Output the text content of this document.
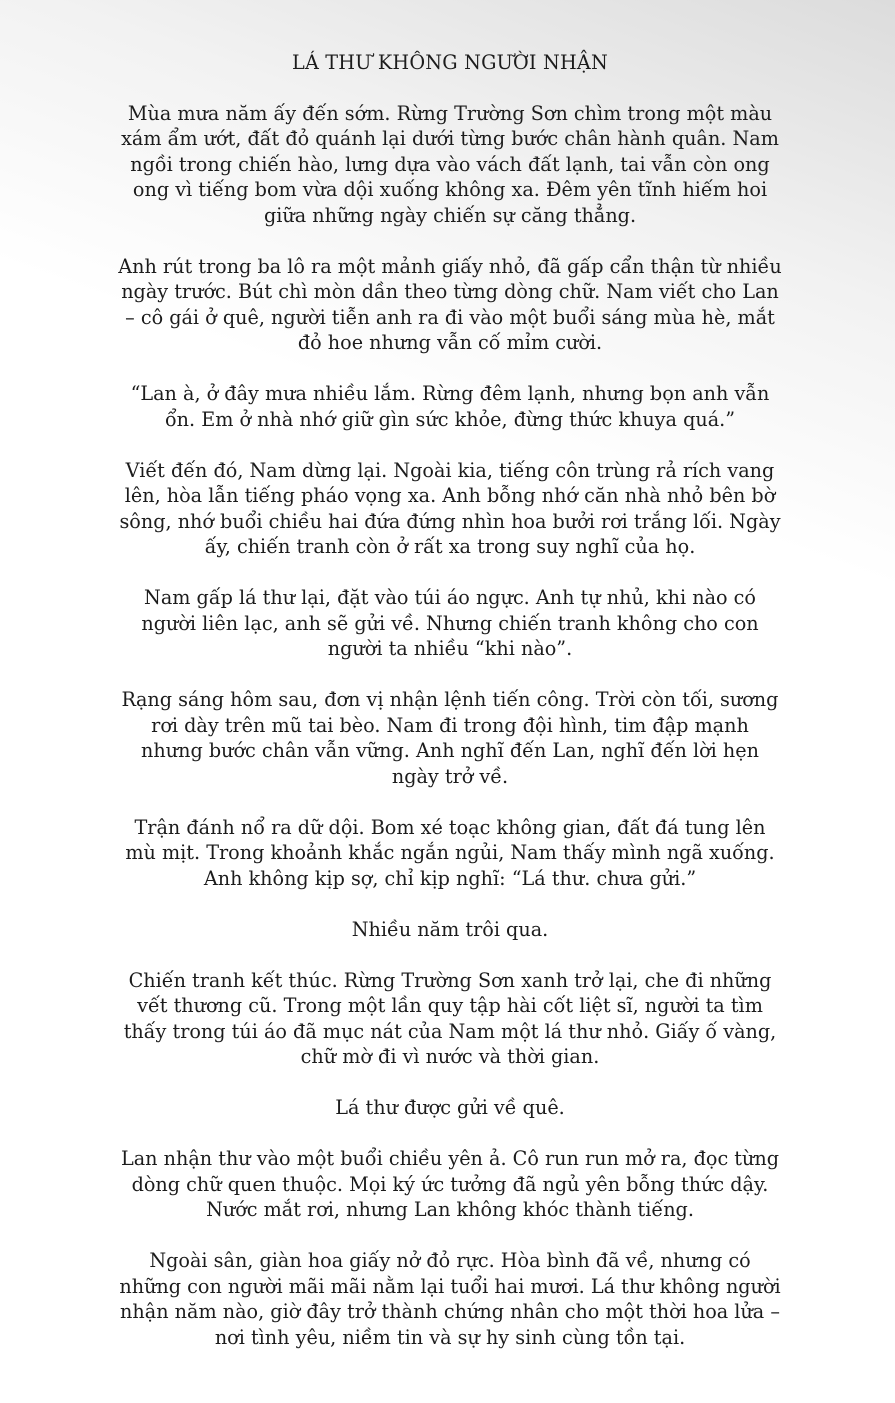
LÁ THƯ KHÔNG NGƯỜI NHẬN

Mùa mưa năm ấy đến sớm. Rừng Trường Sơn chìm trong một màu xám ẩm ướt, đất đỏ quánh lại dưới từng bước chân hành quân. Nam ngồi trong chiến hào, lưng dựa vào vách đất lạnh, tai vẫn còn ong ong vì tiếng bom vừa dội xuống không xa. Đêm yên tĩnh hiếm hoi giữa những ngày chiến sự căng thẳng.

Anh rút trong ba lô ra một mảnh giấy nhỏ, đã gấp cẩn thận từ nhiều ngày trước. Bút chì mòn dần theo từng dòng chữ. Nam viết cho Lan – cô gái ở quê, người tiễn anh ra đi vào một buổi sáng mùa hè, mắt đỏ hoe nhưng vẫn cố mỉm cười.

“Lan à, ở đây mưa nhiều lắm. Rừng đêm lạnh, nhưng bọn anh vẫn ổn. Em ở nhà nhớ giữ gìn sức khỏe, đừng thức khuya quá.”

Viết đến đó, Nam dừng lại. Ngoài kia, tiếng côn trùng rả rích vang lên, hòa lẫn tiếng pháo vọng xa. Anh bỗng nhớ căn nhà nhỏ bên bờ sông, nhớ buổi chiều hai đứa đứng nhìn hoa bưởi rơi trắng lối. Ngày ấy, chiến tranh còn ở rất xa trong suy nghĩ của họ.

Nam gấp lá thư lại, đặt vào túi áo ngực. Anh tự nhủ, khi nào có người liên lạc, anh sẽ gửi về. Nhưng chiến tranh không cho con người ta nhiều “khi nào”.

Rạng sáng hôm sau, đơn vị nhận lệnh tiến công. Trời còn tối, sương rơi dày trên mũ tai bèo. Nam đi trong đội hình, tim đập mạnh nhưng bước chân vẫn vững. Anh nghĩ đến Lan, nghĩ đến lời hẹn ngày trở về.

Trận đánh nổ ra dữ dội. Bom xé toạc không gian, đất đá tung lên mù mịt. Trong khoảnh khắc ngắn ngủi, Nam thấy mình ngã xuống. Anh không kịp sợ, chỉ kịp nghĩ: “Lá thư. chưa gửi.”

Nhiều năm trôi qua.

Chiến tranh kết thúc. Rừng Trường Sơn xanh trở lại, che đi những vết thương cũ. Trong một lần quy tập hài cốt liệt sĩ, người ta tìm thấy trong túi áo đã mục nát của Nam một lá thư nhỏ. Giấy ố vàng, chữ mờ đi vì nước và thời gian.

Lá thư được gửi về quê.

Lan nhận thư vào một buổi chiều yên ả. Cô run run mở ra, đọc từng dòng chữ quen thuộc. Mọi ký ức tưởng đã ngủ yên bỗng thức dậy. Nước mắt rơi, nhưng Lan không khóc thành tiếng.

Ngoài sân, giàn hoa giấy nở đỏ rực. Hòa bình đã về, nhưng có những con người mãi mãi nằm lại tuổi hai mươi. Lá thư không người nhận năm nào, giờ đây trở thành chứng nhân cho một thời hoa lửa – nơi tình yêu, niềm tin và sự hy sinh cùng tồn tại.
